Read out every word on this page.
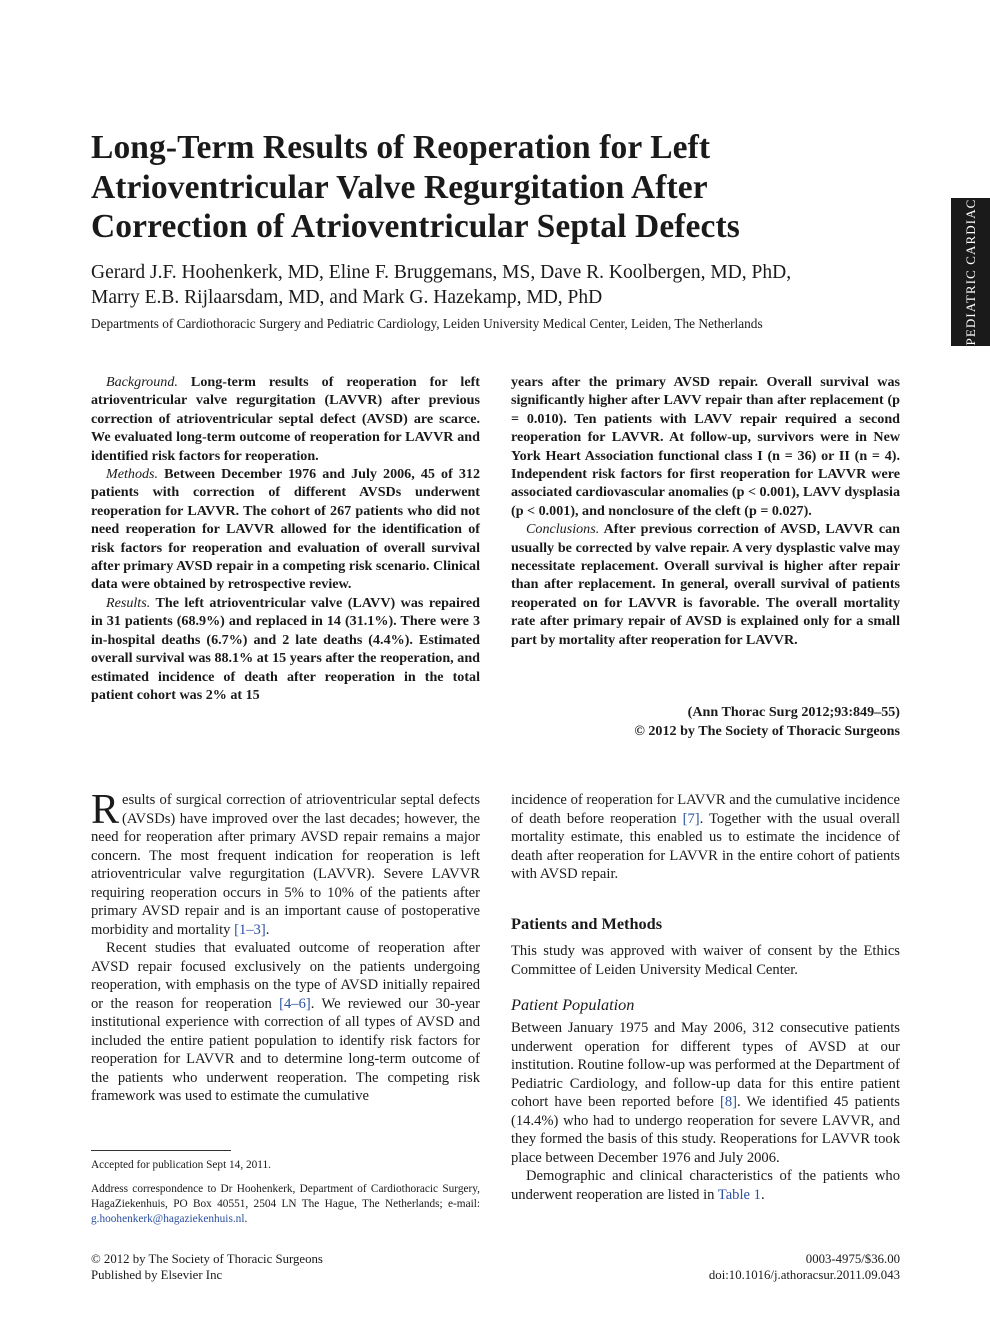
Long-Term Results of Reoperation for Left
Atrioventricular Valve Regurgitation After
Correction of Atrioventricular Septal Defects
Gerard J.F. Hoohenkerk, MD, Eline F. Bruggemans, MS, Dave R. Koolbergen, MD, PhD,
Marry E.B. Rijlaarsdam, MD, and Mark G. Hazekamp, MD, PhD
Departments of Cardiothoracic Surgery and Pediatric Cardiology, Leiden University Medical Center, Leiden, The Netherlands	PEDIATRIC CARDIAC

Background. Long-term results of reoperation for left atrioventricular valve regurgitation (LAVVR) after previous correction of atrioventricular septal defect (AVSD) are scarce. We evaluated long-term outcome of reoperation for LAVVR and identified risk factors for reoperation.

Methods. Between December 1976 and July 2006, 45 of 312 patients with correction of different AVSDs underwent reoperation for LAVVR. The cohort of 267 patients who did not need reoperation for LAVVR allowed for the identification of risk factors for reoperation and evaluation of overall survival after primary AVSD repair in a competing risk scenario. Clinical data were obtained by retrospective review.

Results. The left atrioventricular valve (LAVV) was repaired in 31 patients (68.9%) and replaced in 14 (31.1%). There were 3 in-hospital deaths (6.7%) and 2 late deaths (4.4%). Estimated overall survival was 88.1% at 15 years after the reoperation, and estimated incidence of death after reoperation in the total patient cohort was 2% at 15

years after the primary AVSD repair. Overall survival was significantly higher after LAVV repair than after replacement (p = 0.010). Ten patients with LAVV repair required a second reoperation for LAVVR. At follow-up, survivors were in New York Heart Association functional class I (n = 36) or II (n = 4). Independent risk factors for first reoperation for LAVVR were associated cardiovascular anomalies (p < 0.001), LAVV dysplasia (p < 0.001), and nonclosure of the cleft (p = 0.027).

Conclusions. After previous correction of AVSD, LAVVR can usually be corrected by valve repair. A very dysplastic valve may necessitate replacement. Overall survival is higher after repair than after replacement. In general, overall survival of patients reoperated on for LAVVR is favorable. The overall mortality rate after primary repair of AVSD is explained only for a small part by mortality after reoperation for LAVVR.

(Ann Thorac Surg 2012;93:849–55)
© 2012 by The Society of Thoracic Surgeons

Results of surgical correction of atrioventricular septal defects (AVSDs) have improved over the last decades; however, the need for reoperation after primary AVSD repair remains a major concern. The most frequent indication for reoperation is left atrioventricular valve regurgitation (LAVVR). Severe LAVVR requiring reoperation occurs in 5% to 10% of the patients after primary AVSD repair and is an important cause of postoperative morbidity and mortality [1–3].

Recent studies that evaluated outcome of reoperation after AVSD repair focused exclusively on the patients undergoing reoperation, with emphasis on the type of AVSD initially repaired or the reason for reoperation [4–6]. We reviewed our 30-year institutional experience with correction of all types of AVSD and included the entire patient population to identify risk factors for reoperation for LAVVR and to determine long-term outcome of the patients who underwent reoperation. The competing risk framework was used to estimate the cumulative

Accepted for publication Sept 14, 2011.
Address correspondence to Dr Hoohenkerk, Department of Cardiothoracic Surgery, HagaZiekenhuis, PO Box 40551, 2504 LN The Hague, The Netherlands; e-mail: g.hoohenkerk@hagaziekenhuis.nl.

incidence of reoperation for LAVVR and the cumulative incidence of death before reoperation [7]. Together with the usual overall mortality estimate, this enabled us to estimate the incidence of death after reoperation for LAVVR in the entire cohort of patients with AVSD repair.

Patients and Methods

This study was approved with waiver of consent by the Ethics Committee of Leiden University Medical Center.

Patient Population

Between January 1975 and May 2006, 312 consecutive patients underwent operation for different types of AVSD at our institution. Routine follow-up was performed at the Department of Pediatric Cardiology, and follow-up data for this entire patient cohort have been reported before [8]. We identified 45 patients (14.4%) who had to undergo reoperation for severe LAVVR, and they formed the basis of this study. Reoperations for LAVVR took place between December 1976 and July 2006.

Demographic and clinical characteristics of the patients who underwent reoperation are listed in Table 1.

© 2012 by The Society of Thoracic Surgeons
Published by Elsevier Inc
0003-4975/$36.00
doi:10.1016/j.athoracsur.2011.09.043
